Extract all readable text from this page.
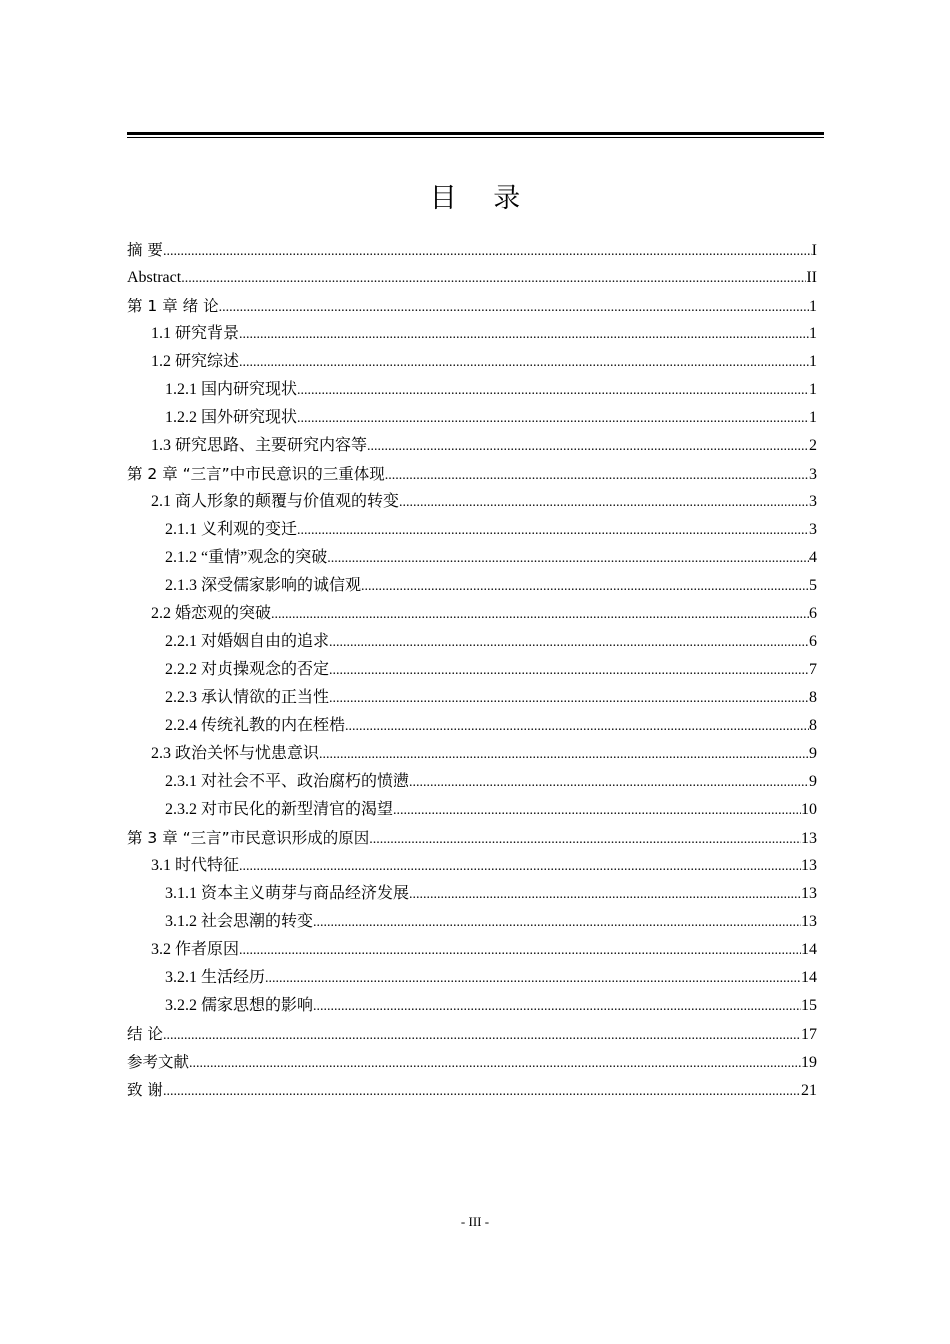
目 录
摘 要 .....	I
Abstract .....	II
第 1 章 绪 论 .....	1
1.1 研究背景 .....	1
1.2 研究综述 .....	1
1.2.1 国内研究现状 .....	1
1.2.2 国外研究现状 .....	1
1.3 研究思路、主要研究内容等 .....	2
第 2 章 “三言”中市民意识的三重体现 .....	3
2.1 商人形象的颠覆与价值观的转变 .....	3
2.1.1 义利观的变迁 .....	3
2.1.2 “重情”观念的突破 .....	4
2.1.3 深受儒家影响的诚信观 .....	5
2.2 婚恋观的突破 .....	6
2.2.1 对婚姻自由的追求 .....	6
2.2.2 对贞操观念的否定 .....	7
2.2.3 承认情欲的正当性 .....	8
2.2.4 传统礼教的内在桎梏 .....	8
2.3 政治关怀与忧患意识 .....	9
2.3.1 对社会不平、政治腐朽的愤懑 .....	9
2.3.2 对市民化的新型清官的渴望 .....	10
第 3 章 “三言”市民意识形成的原因 .....	13
3.1 时代特征 .....	13
3.1.1 资本主义萌芽与商品经济发展 .....	13
3.1.2 社会思潮的转变 .....	13
3.2 作者原因 .....	14
3.2.1 生活经历 .....	14
3.2.2 儒家思想的影响 .....	15
结 论 .....	17
参考文献 .....	19
致 谢 .....	21
- III -
